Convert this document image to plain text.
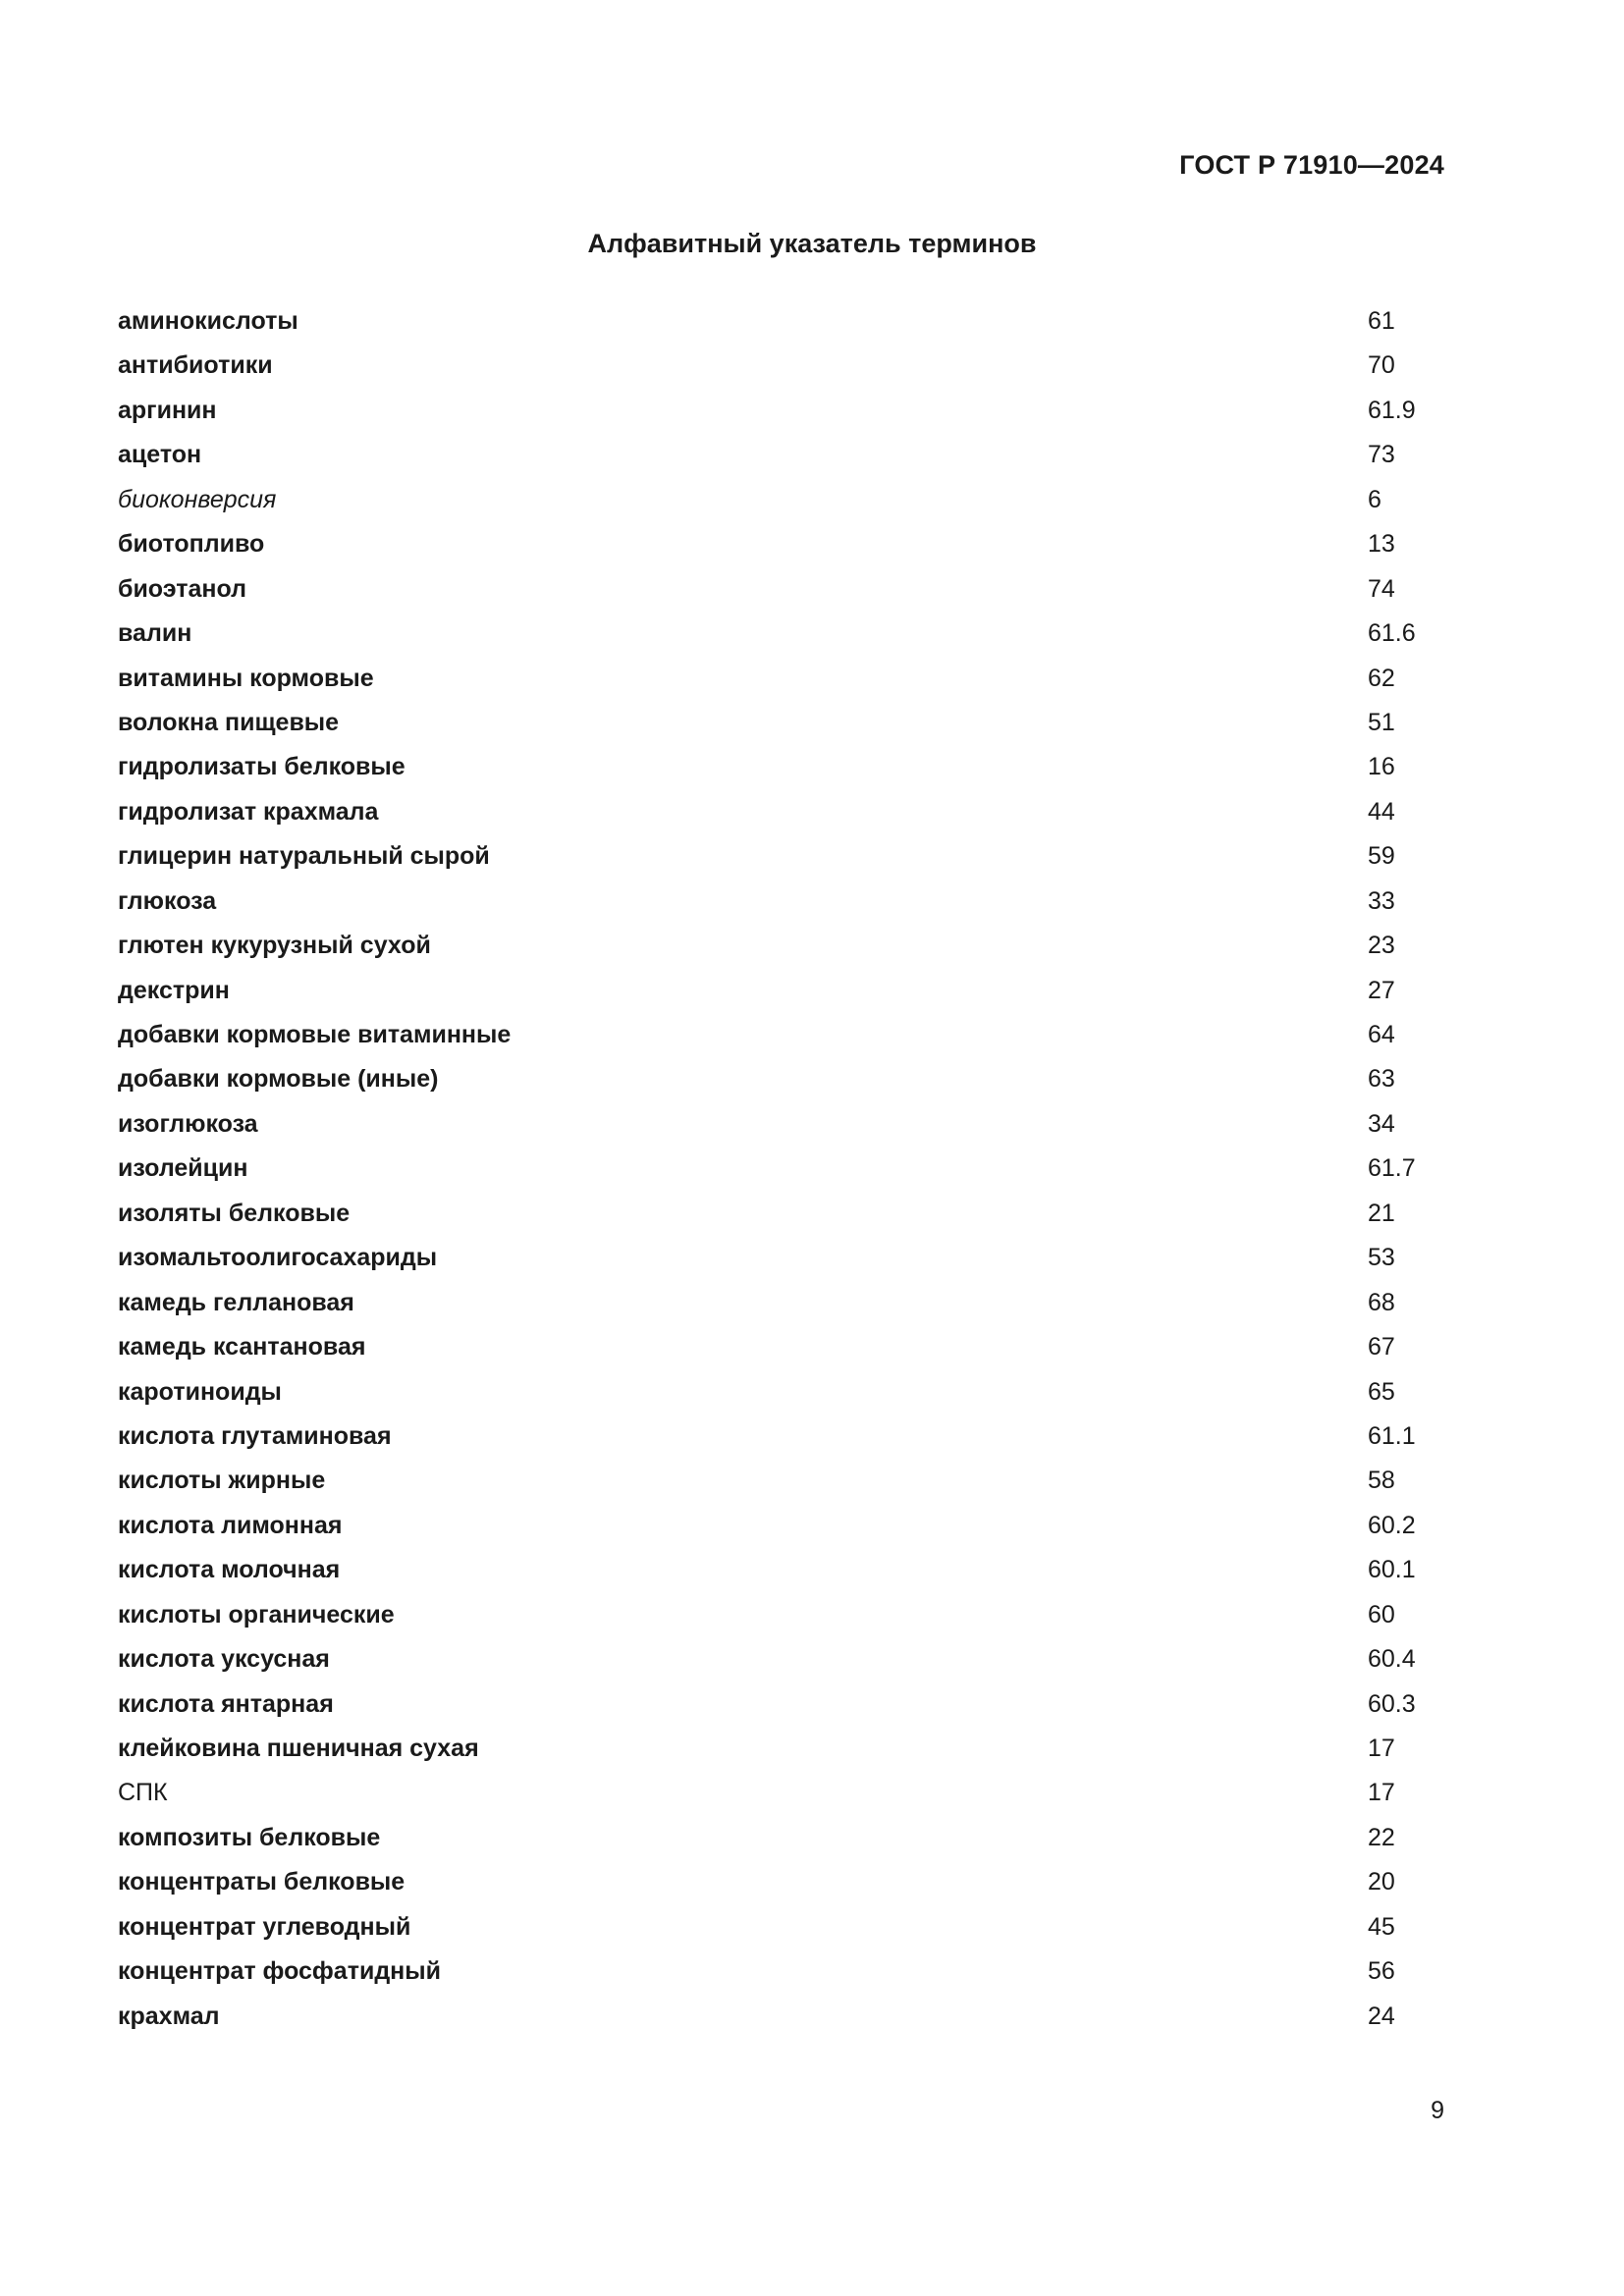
ГОСТ Р 71910—2024
Алфавитный указатель терминов
аминокислоты	61
антибиотики	70
аргинин	61.9
ацетон	73
биоконверсия	6
биотопливо	13
биоэтанол	74
валин	61.6
витамины кормовые	62
волокна пищевые	51
гидролизаты белковые	16
гидролизат крахмала	44
глицерин натуральный сырой	59
глюкоза	33
глютен кукурузный сухой	23
декстрин	27
добавки кормовые витаминные	64
добавки кормовые (иные)	63
изоглюкоза	34
изолейцин	61.7
изоляты белковые	21
изомальтоолигосахариды	53
камедь геллановая	68
камедь ксантановая	67
каротиноиды	65
кислота глутаминовая	61.1
кислоты жирные	58
кислота лимонная	60.2
кислота молочная	60.1
кислоты органические	60
кислота уксусная	60.4
кислота янтарная	60.3
клейковина пшеничная сухая	17
СПК	17
композиты белковые	22
концентраты белковые	20
концентрат углеводный	45
концентрат фосфатидный	56
крахмал	24
9
